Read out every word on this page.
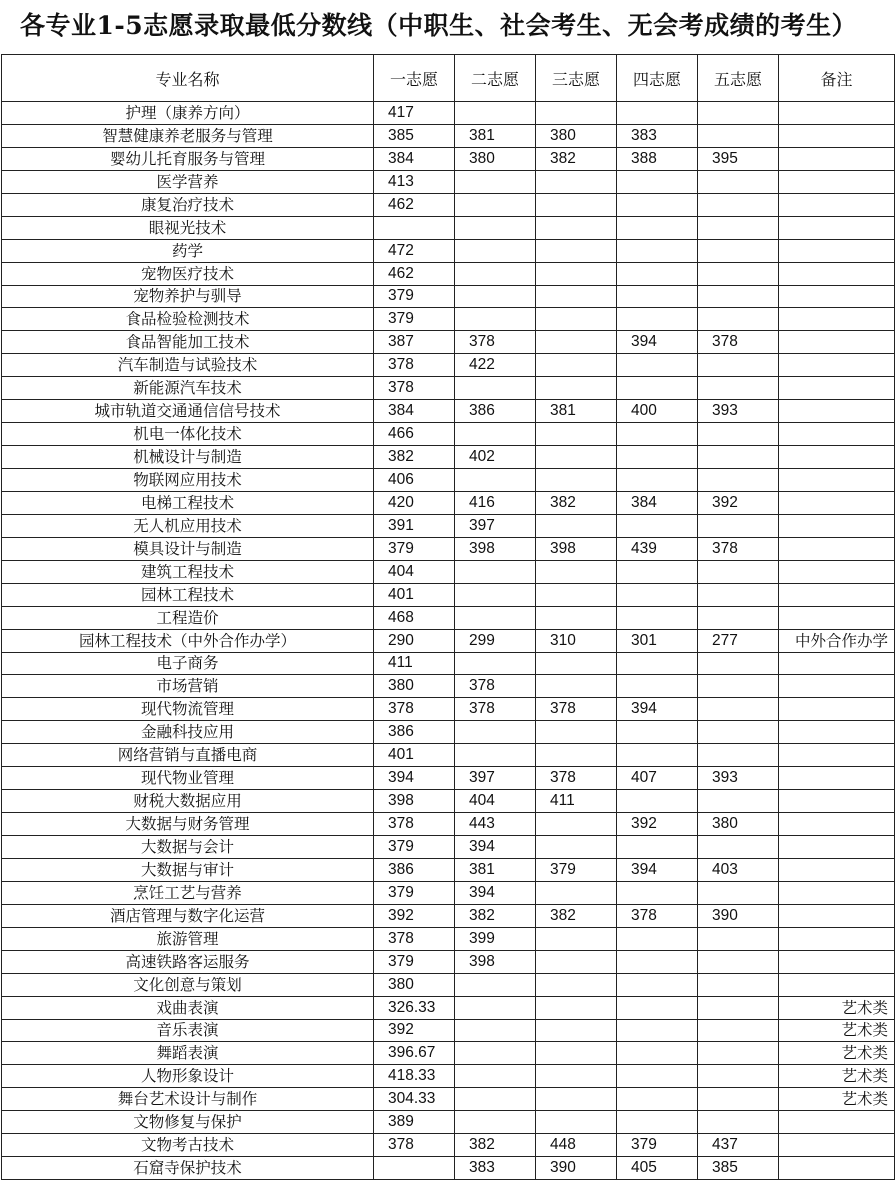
各专业1-5志愿录取最低分数线（中职生、社会考生、无会考成绩的考生）
专业名称	一志愿	二志愿	三志愿	四志愿	五志愿	备注
护理（康养方向）	417					
智慧健康养老服务与管理	385	381	380	383		
婴幼儿托育服务与管理	384	380	382	388	395	
医学营养	413					
康复治疗技术	462					
眼视光技术						
药学	472					
宠物医疗技术	462					
宠物养护与驯导	379					
食品检验检测技术	379					
食品智能加工技术	387	378		394	378	
汽车制造与试验技术	378	422				
新能源汽车技术	378					
城市轨道交通通信信号技术	384	386	381	400	393	
机电一体化技术	466					
机械设计与制造	382	402				
物联网应用技术	406					
电梯工程技术	420	416	382	384	392	
无人机应用技术	391	397				
模具设计与制造	379	398	398	439	378	
建筑工程技术	404					
园林工程技术	401					
工程造价	468					
园林工程技术（中外合作办学）	290	299	310	301	277	中外合作办学
电子商务	411					
市场营销	380	378				
现代物流管理	378	378	378	394		
金融科技应用	386					
网络营销与直播电商	401					
现代物业管理	394	397	378	407	393	
财税大数据应用	398	404	411			
大数据与财务管理	378	443		392	380	
大数据与会计	379	394				
大数据与审计	386	381	379	394	403	
烹饪工艺与营养	379	394				
酒店管理与数字化运营	392	382	382	378	390	
旅游管理	378	399				
高速铁路客运服务	379	398				
文化创意与策划	380					
戏曲表演	326.33					艺术类
音乐表演	392					艺术类
舞蹈表演	396.67					艺术类
人物形象设计	418.33					艺术类
舞台艺术设计与制作	304.33					艺术类
文物修复与保护	389					
文物考古技术	378	382	448	379	437	
石窟寺保护技术		383	390	405	385	
